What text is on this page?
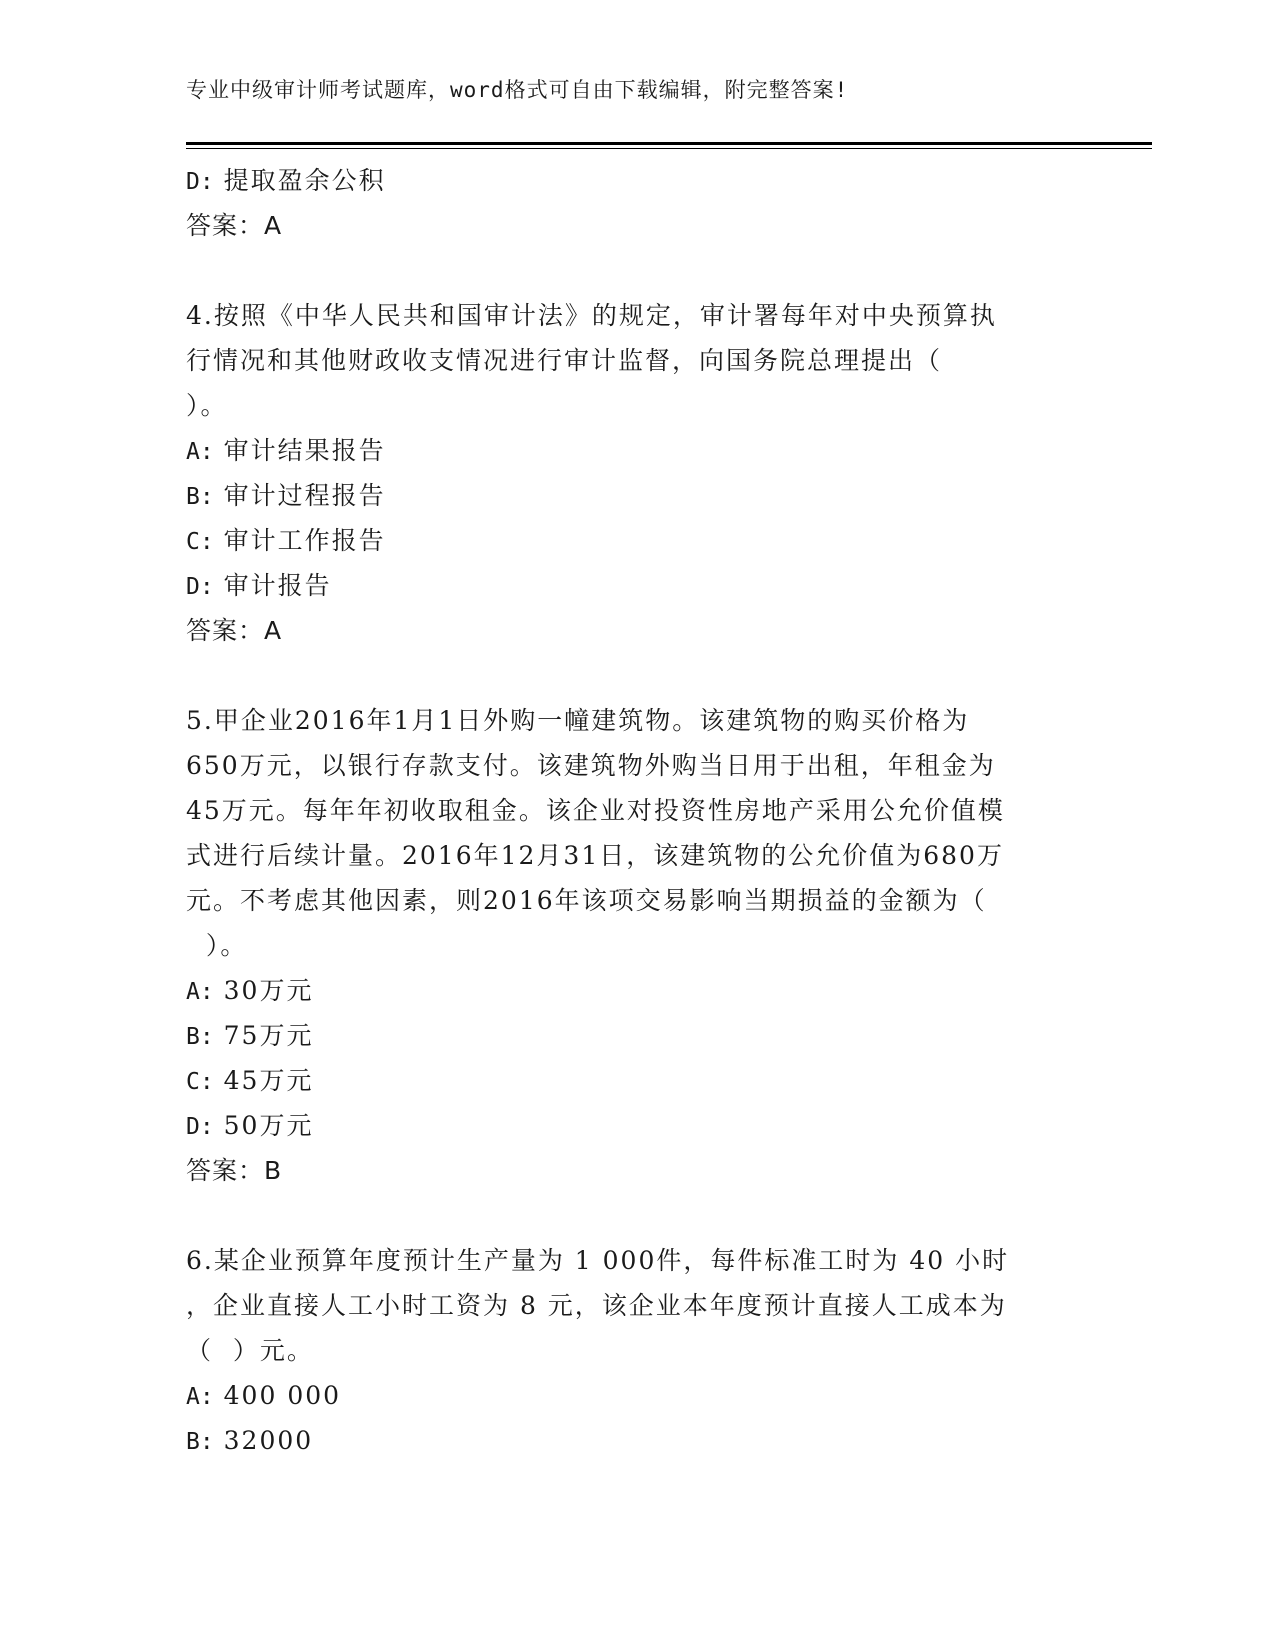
专业中级审计师考试题库，word格式可自由下载编辑，附完整答案!
D: 提取盈余公积
答案：A
4.按照《中华人民共和国审计法》的规定，审计署每年对中央预算执
行情况和其他财政收支情况进行审计监督，向国务院总理提出（
）。
A: 审计结果报告
B: 审计过程报告
C: 审计工作报告
D: 审计报告
答案：A
5.甲企业2016年1月1日外购一幢建筑物。该建筑物的购买价格为
650万元，以银行存款支付。该建筑物外购当日用于出租，年租金为
45万元。每年年初收取租金。该企业对投资性房地产采用公允价值模
式进行后续计量。2016年12月31日，该建筑物的公允价值为680万
元。不考虑其他因素，则2016年该项交易影响当期损益的金额为（
）。
A: 30万元
B: 75万元
C: 45万元
D: 50万元
答案：B
6.某企业预算年度预计生产量为 1 000件，每件标准工时为 40 小时
，企业直接人工小时工资为 8 元，该企业本年度预计直接人工成本为
（  ）元。
A: 400 000
B: 32000
